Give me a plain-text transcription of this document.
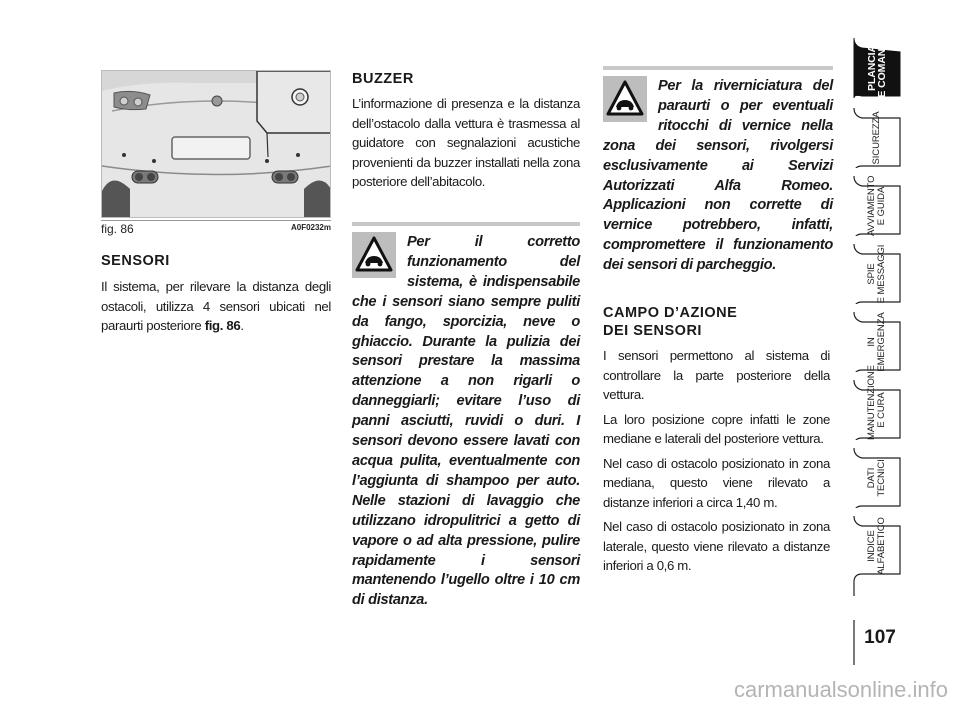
fig. 86	A0F0232m
SENSORI

Il sistema, per rilevare la distanza degli ostacoli, utilizza 4 sensori ubicati nel paraurti posteriore fig. 86.

BUZZER

L’informazione di presenza e la distanza dell’ostacolo dalla vettura è trasmessa al guidatore con segnalazioni acustiche provenienti da buzzer installati nella zona posteriore dell’abitacolo.

Per il corretto funzionamento del sistema, è indispensabile che i sensori siano sempre puliti da fango, sporcizia, neve o ghiaccio. Durante la pulizia dei sensori prestare la massima attenzione a non rigarli o danneggiarli; evitare l’uso di panni asciutti, ruvidi o duri. I sensori devono essere lavati con acqua pulita, eventualmente con l’aggiunta di shampoo per auto. Nelle stazioni di lavaggio che utilizzano idropulitrici a getto di vapore o ad alta pressione, pulire rapidamente i sensori mantenendo l’ugello oltre i 10 cm di distanza.
Per la riverniciatura del paraurti o per eventuali ritocchi di vernice nella zona dei sensori, rivolgersi esclusivamente ai Servizi Autorizzati Alfa Romeo. Applicazioni non corrette di vernice potrebbero, infatti, compromettere il funzionamento dei sensori di parcheggio.
CAMPO D’AZIONE
DEI SENSORI

I sensori permettono al sistema di controllare la parte posteriore della vettura.

La loro posizione copre infatti le zone mediane e laterali del posteriore vettura.

Nel caso di ostacolo posizionato in zona mediana, questo viene rilevato a distanze inferiori a circa 1,40 m.

Nel caso di ostacolo posizionato in zona laterale, questo viene rilevato a distanze inferiori a 0,6 m.

PLANCIA
E COMANDI
SICUREZZA
AVVIAMENTO E GUIDA
SPIE E MESSAGGI
IN EMERGENZA
MANUTENZIONE E CURA
DATI TECNICI
INDICE ALFABETICO
107
carmanualsonline.info
